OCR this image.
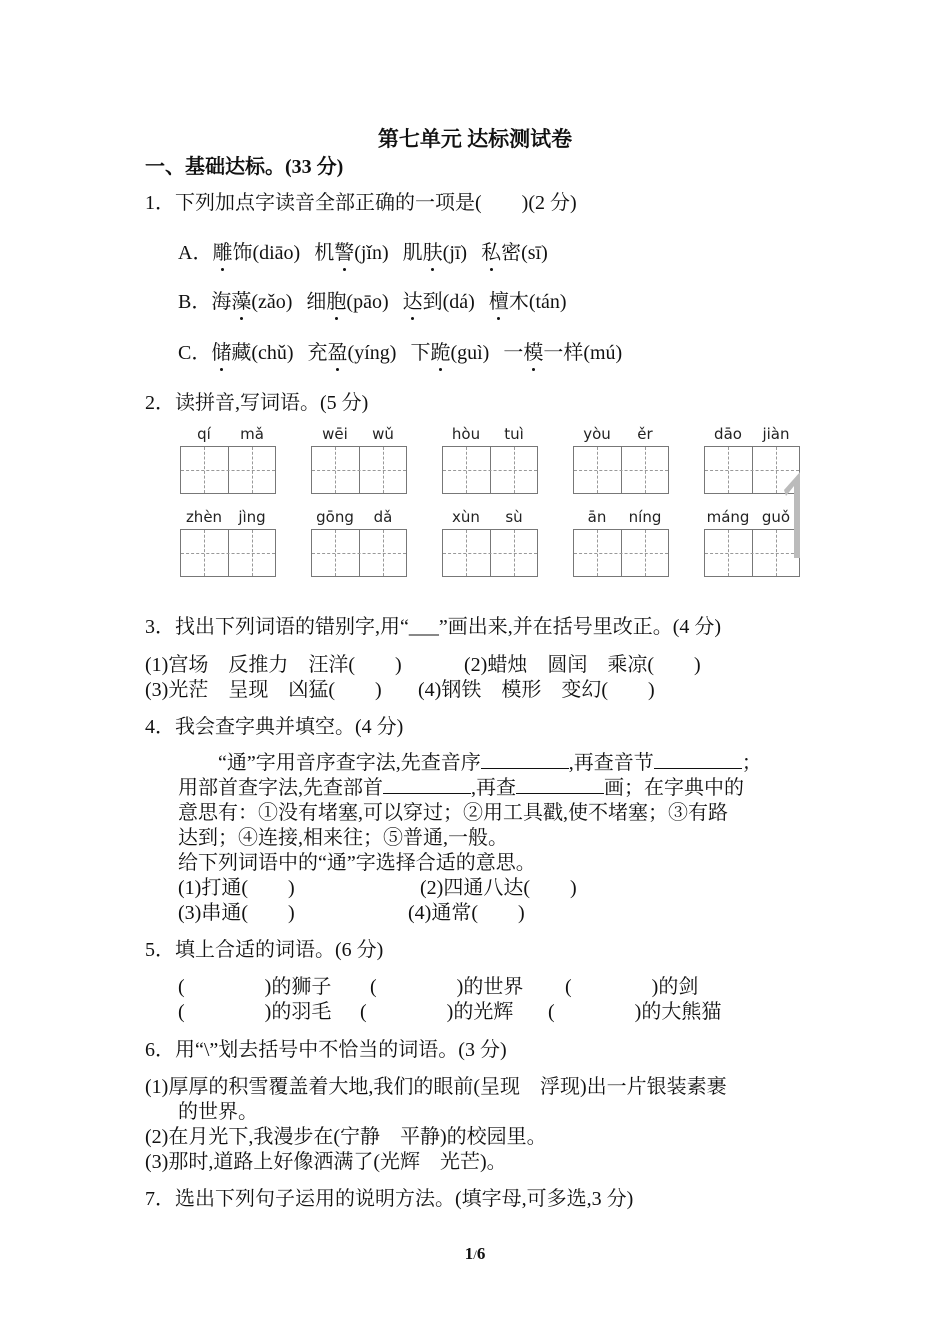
第七单元 达标测试卷
一、基础达标。(33 分)
1．下列加点字读音全部正确的一项是(　　)(2 分)
A．雕饰(diāo) 机警(jǐn) 肌肤(jī) 私密(sī)
B．海藻(zǎo) 细胞(pāo) 达到(dá) 檀木(tán)
C．储藏(chǔ) 充盈(yíng) 下跪(guì) 一模一样(mú)
2．读拼音,写词语。(5 分)
qí	mǎ	wēi	wǔ	hòu	tuì	yòu	ěr	dāo	jiàn
zhèn	jìng	gōng	dǎ	xùn	sù	ān	níng	máng guǒ
3．找出下列词语的错别字,用“___”画出来,并在括号里改正。(4 分)
(1)宫场　反推力　汪洋(　　)	(2)蜡烛　圆闰　乘凉(　　)
(3)光茫　呈现　凶猛(　　) (4)钢铁　模形　变幻(　　)
4．我会查字典并填空。(4 分)
“通”字用音序查字法,先查音序	,再查音节	；
用部首查字法,先查部首	,再查	画；在字典中的
意思有：①没有堵塞,可以穿过；②用工具戳,使不堵塞；③有路
达到；④连接,相来往；⑤普通,一般。
给下列词语中的“通”字选择合适的意思。
(1)打通(　　)	(2)四通八达(　　)
(3)串通(　　)	(4)通常(　　)
5．填上合适的词语。(6 分)
(　　　　)的狮子 (　　　　)的世界 (　　　　)的剑
(　　　　)的羽毛 (　　　　)的光辉 (　　　　)的大熊猫
6．用“\”划去括号中不恰当的词语。(3 分)
(1)厚厚的积雪覆盖着大地,我们的眼前(呈现　浮现)出一片银装素裹
的世界。
(2)在月光下,我漫步在(宁静　平静)的校园里。
(3)那时,道路上好像洒满了(光辉　光芒)。
7．选出下列句子运用的说明方法。(填字母,可多选,3 分)
1/6
